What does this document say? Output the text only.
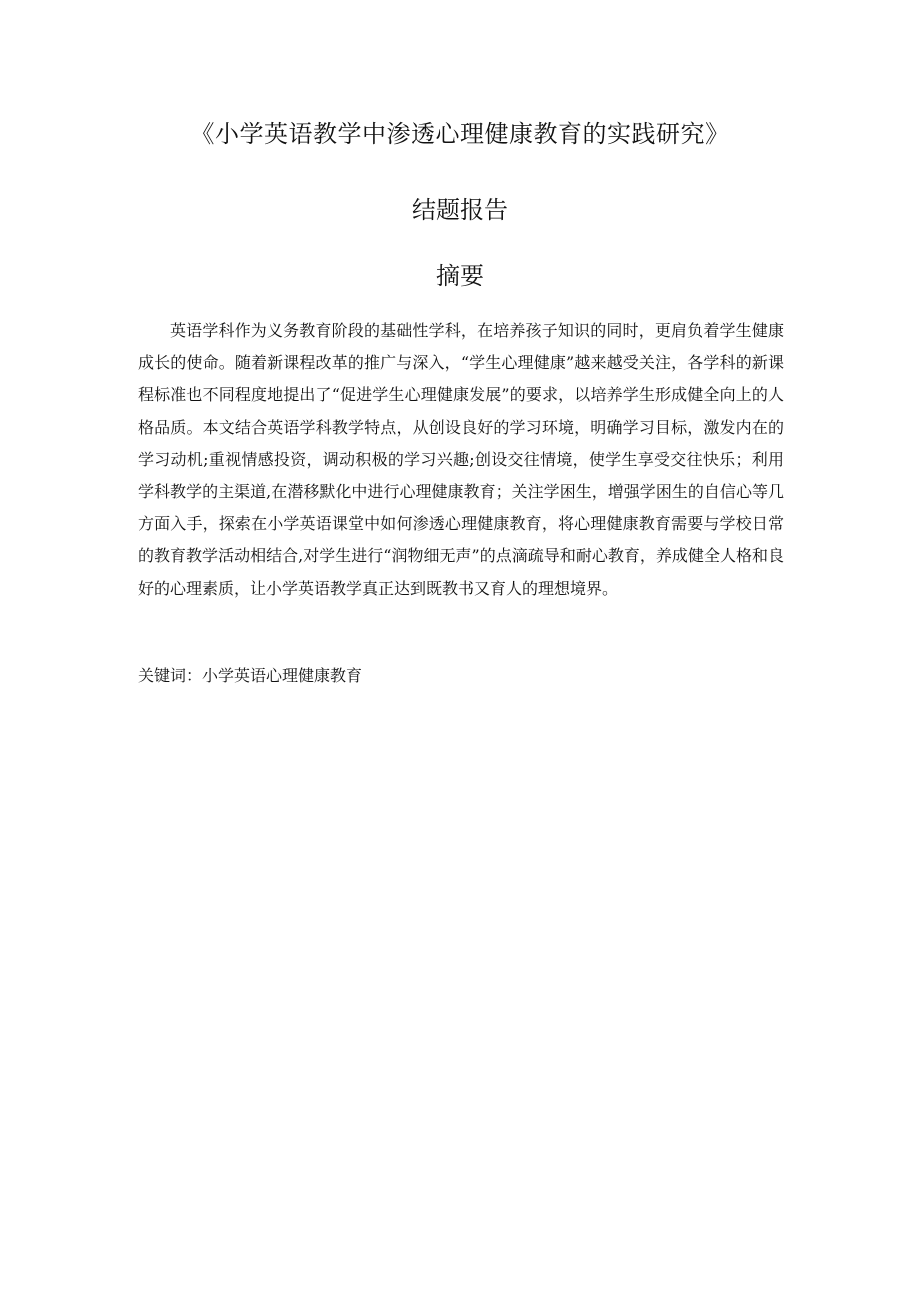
《小学英语教学中渗透心理健康教育的实践研究》
结题报告
摘要

英语学科作为义务教育阶段的基础性学科，在培养孩子知识的同时，更肩负着学生健康成长的使命。随着新课程改革的推广与深入，“学生心理健康”越来越受关注，各学科的新课程标准也不同程度地提出了“促进学生心理健康发展”的要求，以培养学生形成健全向上的人格品质。本文结合英语学科教学特点，从创设良好的学习环境，明确学习目标，激发内在的学习动机;重视情感投资，调动积极的学习兴趣;创设交往情境，使学生享受交往快乐；利用学科教学的主渠道,在潜移默化中进行心理健康教育；关注学困生，增强学困生的自信心等几方面入手，探索在小学英语课堂中如何渗透心理健康教育，将心理健康教育需要与学校日常的教育教学活动相结合,对学生进行“润物细无声”的点滴疏导和耐心教育，养成健全人格和良好的心理素质，让小学英语教学真正达到既教书又育人的理想境界。

关键词：小学英语心理健康教育
